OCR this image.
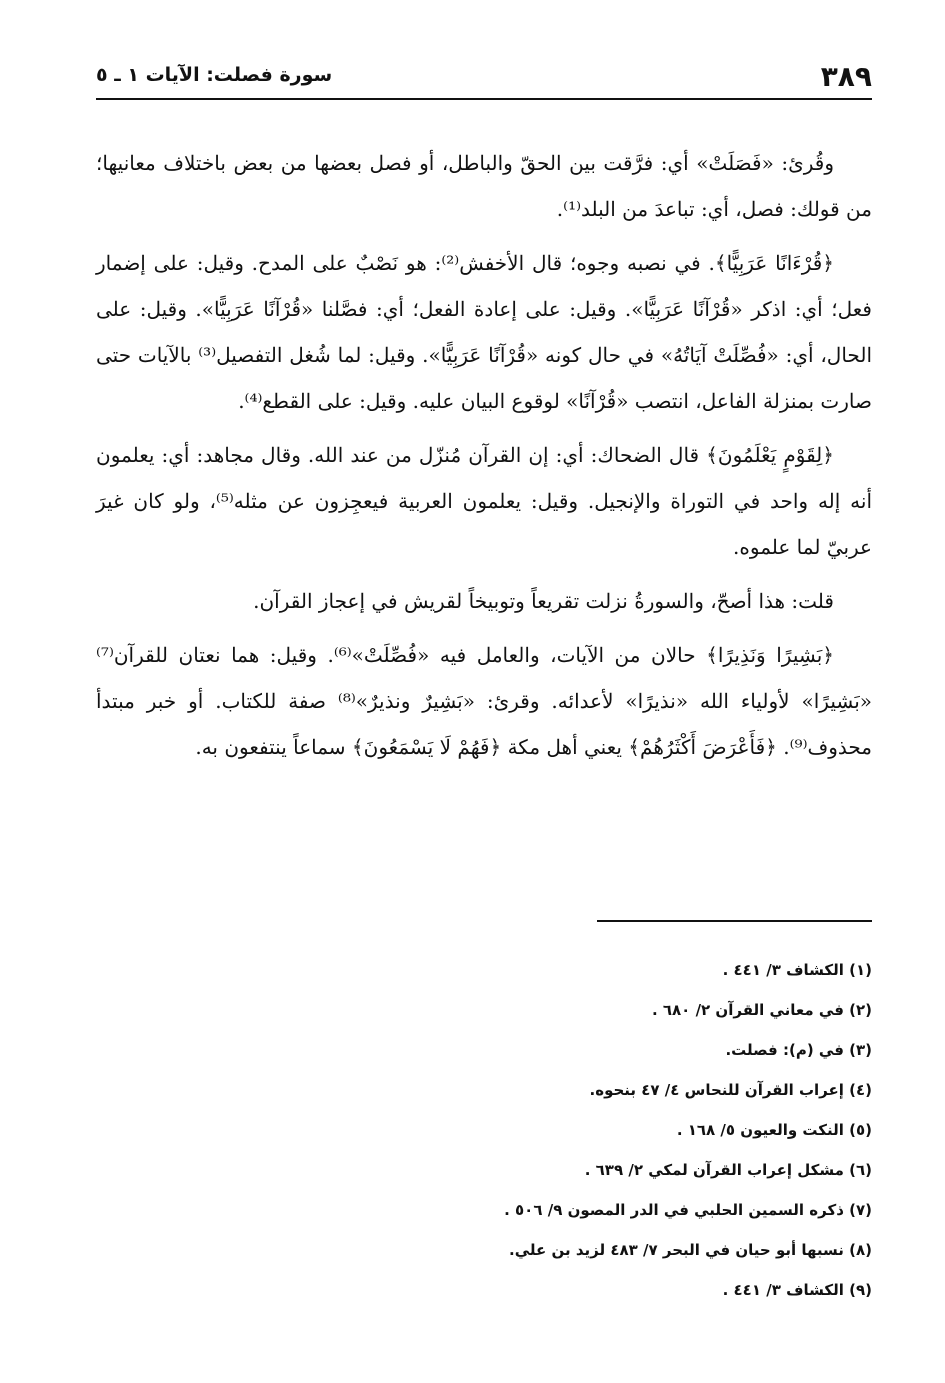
٣٨٩
سورة فصلت: الآيات ١ ـ ٥

وقُرئ: «فَصَلَتْ» أي: فرَّقت بين الحقّ والباطل، أو فصل بعضها من بعض باختلاف معانيها؛ من قولك: فصل، أي: تباعدَ من البلد⁽¹⁾.

﴿قُرْءَانًا عَرَبِيًّا﴾. في نصبه وجوه؛ قال الأخفش⁽²⁾: هو نَصْبٌ على المدح. وقيل: على إضمار فعل؛ أي: اذكر «قُرْآنًا عَرَبِيًّا». وقيل: على إعادة الفعل؛ أي: فصَّلنا «قُرْآنًا عَرَبِيًّا». وقيل: على الحال، أي: «فُصِّلَتْ آيَاتُهُ» في حال كونه «قُرْآنًا عَرَبِيًّا». وقيل: لما شُغل التفصيل⁽³⁾ بالآيات حتى صارت بمنزلة الفاعل، انتصب «قُرْآنًا» لوقوع البيان عليه. وقيل: على القطع⁽⁴⁾.

﴿لِقَوْمٍ يَعْلَمُونَ﴾ قال الضحاك: أي: إن القرآن مُنزّل من عند الله. وقال مجاهد: أي: يعلمون أنه إله واحد في التوراة والإنجيل. وقيل: يعلمون العربية فيعجِزون عن مثله⁽⁵⁾، ولو كان غيرَ عربيّ لما علموه.

قلت: هذا أصحّ، والسورةُ نزلت تقريعاً وتوبيخاً لقريش في إعجاز القرآن.

﴿بَشِيرًا وَنَذِيرًا﴾ حالان من الآيات، والعامل فيه «فُصِّلَتْ»⁽⁶⁾. وقيل: هما نعتان للقرآن⁽⁷⁾ «بَشِيرًا» لأولياء الله «نذيرًا» لأعدائه. وقرئ: «بَشِيرٌ ونذيرٌ»⁽⁸⁾ صفة للكتاب. أو خبر مبتدأ محذوف⁽⁹⁾. ﴿فَأَعْرَضَ أَكْثَرُهُمْ﴾ يعني أهل مكة ﴿فَهُمْ لَا يَسْمَعُونَ﴾ سماعاً ينتفعون به.

(١) الكشاف ٣/ ٤٤١ .
(٢) في معاني القرآن ٢/ ٦٨٠ .
(٣) في (م): فصلت.
(٤) إعراب القرآن للنحاس ٤/ ٤٧ بنحوه.
(٥) النكت والعيون ٥/ ١٦٨ .
(٦) مشكل إعراب القرآن لمكي ٢/ ٦٣٩ .
(٧) ذكره السمين الحلبي في الدر المصون ٩/ ٥٠٦ .
(٨) نسبها أبو حيان في البحر ٧/ ٤٨٣ لزيد بن علي.
(٩) الكشاف ٣/ ٤٤١ .
